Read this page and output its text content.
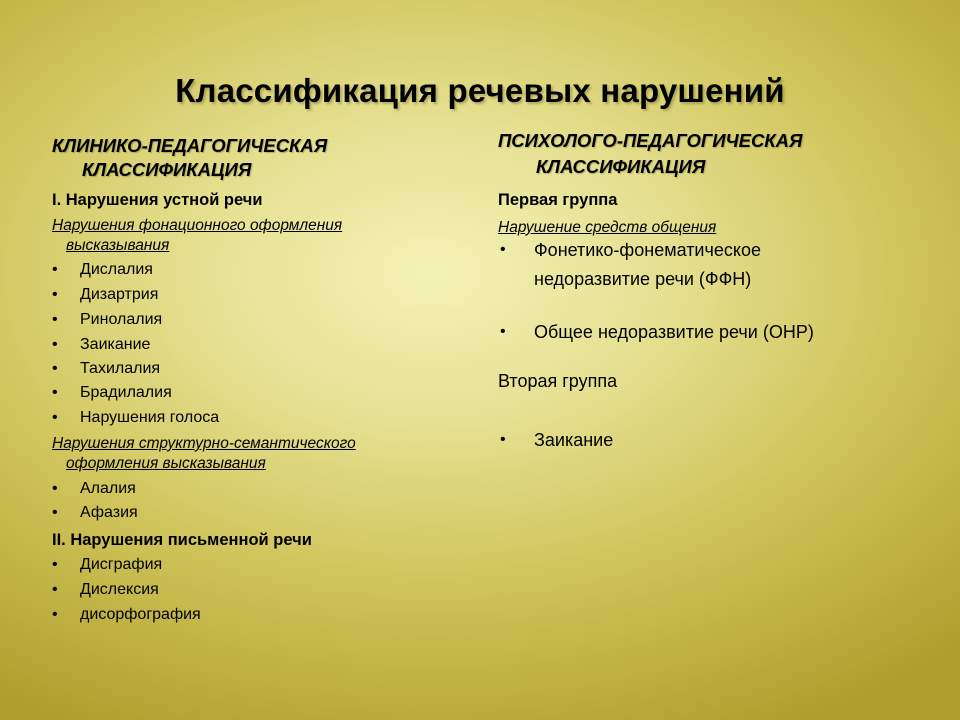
Классификация речевых нарушений
КЛИНИКО-ПЕДАГОГИЧЕСКАЯ
КЛАССИФИКАЦИЯ
I. Нарушения устной речи
Нарушения фонационного оформления
высказывания
• Дислалия
• Дизартрия
• Ринолалия
• Заикание
• Тахилалия
• Брадилалия
• Нарушения голоса
Нарушения структурно-семантического
оформления высказывания
• Алалия
• Афазия
II. Нарушения письменной речи
• Дисграфия
• Дислексия
• дисорфография
ПСИХОЛОГО-ПЕДАГОГИЧЕСКАЯ
КЛАССИФИКАЦИЯ
Первая группа
Нарушение средств общения
• Фонетико-фонематическое
недоразвитие речи (ФФН)
• Общее недоразвитие речи (ОНР)
Вторая группа
• Заикание
